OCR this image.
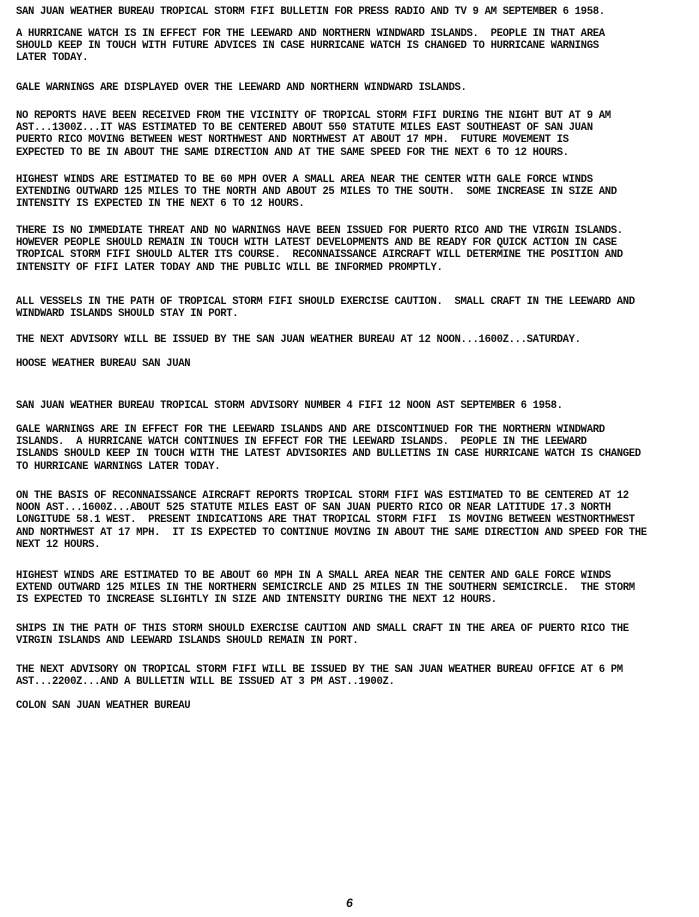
SAN JUAN WEATHER BUREAU TROPICAL STORM FIFI BULLETIN FOR PRESS RADIO AND TV 9 AM SEPTEMBER 6 1958.

A HURRICANE WATCH IS IN EFFECT FOR THE LEEWARD AND NORTHERN WINDWARD ISLANDS.  PEOPLE IN THAT AREA
SHOULD KEEP IN TOUCH WITH FUTURE ADVICES IN CASE HURRICANE WATCH IS CHANGED TO HURRICANE WARNINGS
LATER TODAY.

GALE WARNINGS ARE DISPLAYED OVER THE LEEWARD AND NORTHERN WINDWARD ISLANDS.

NO REPORTS HAVE BEEN RECEIVED FROM THE VICINITY OF TROPICAL STORM FIFI DURING THE NIGHT BUT AT 9 AM
AST...1300Z...IT WAS ESTIMATED TO BE CENTERED ABOUT 550 STATUTE MILES EAST SOUTHEAST OF SAN JUAN
PUERTO RICO MOVING BETWEEN WEST NORTHWEST AND NORTHWEST AT ABOUT 17 MPH.  FUTURE MOVEMENT IS
EXPECTED TO BE IN ABOUT THE SAME DIRECTION AND AT THE SAME SPEED FOR THE NEXT 6 TO 12 HOURS.

HIGHEST WINDS ARE ESTIMATED TO BE 60 MPH OVER A SMALL AREA NEAR THE CENTER WITH GALE FORCE WINDS
EXTENDING OUTWARD 125 MILES TO THE NORTH AND ABOUT 25 MILES TO THE SOUTH.  SOME INCREASE IN SIZE AND
INTENSITY IS EXPECTED IN THE NEXT 6 TO 12 HOURS.

THERE IS NO IMMEDIATE THREAT AND NO WARNINGS HAVE BEEN ISSUED FOR PUERTO RICO AND THE VIRGIN ISLANDS.
HOWEVER PEOPLE SHOULD REMAIN IN TOUCH WITH LATEST DEVELOPMENTS AND BE READY FOR QUICK ACTION IN CASE
TROPICAL STORM FIFI SHOULD ALTER ITS COURSE.  RECONNAISSANCE AIRCRAFT WILL DETERMINE THE POSITION AND
INTENSITY OF FIFI LATER TODAY AND THE PUBLIC WILL BE INFORMED PROMPTLY.

ALL VESSELS IN THE PATH OF TROPICAL STORM FIFI SHOULD EXERCISE CAUTION.  SMALL CRAFT IN THE LEEWARD AND
WINDWARD ISLANDS SHOULD STAY IN PORT.

THE NEXT ADVISORY WILL BE ISSUED BY THE SAN JUAN WEATHER BUREAU AT 12 NOON...1600Z...SATURDAY.

HOOSE WEATHER BUREAU SAN JUAN

SAN JUAN WEATHER BUREAU TROPICAL STORM ADVISORY NUMBER 4 FIFI 12 NOON AST SEPTEMBER 6 1958.

GALE WARNINGS ARE IN EFFECT FOR THE LEEWARD ISLANDS AND ARE DISCONTINUED FOR THE NORTHERN WINDWARD
ISLANDS.  A HURRICANE WATCH CONTINUES IN EFFECT FOR THE LEEWARD ISLANDS.  PEOPLE IN THE LEEWARD
ISLANDS SHOULD KEEP IN TOUCH WITH THE LATEST ADVISORIES AND BULLETINS IN CASE HURRICANE WATCH IS CHANGED
TO HURRICANE WARNINGS LATER TODAY.

ON THE BASIS OF RECONNAISSANCE AIRCRAFT REPORTS TROPICAL STORM FIFI WAS ESTIMATED TO BE CENTERED AT 12
NOON AST...1600Z...ABOUT 525 STATUTE MILES EAST OF SAN JUAN PUERTO RICO OR NEAR LATITUDE 17.3 NORTH
LONGITUDE 58.1 WEST.  PRESENT INDICATIONS ARE THAT TROPICAL STORM FIFI  IS MOVING BETWEEN WESTNORTHWEST
AND NORTHWEST AT 17 MPH.  IT IS EXPECTED TO CONTINUE MOVING IN ABOUT THE SAME DIRECTION AND SPEED FOR THE
NEXT 12 HOURS.

HIGHEST WINDS ARE ESTIMATED TO BE ABOUT 60 MPH IN A SMALL AREA NEAR THE CENTER AND GALE FORCE WINDS
EXTEND OUTWARD 125 MILES IN THE NORTHERN SEMICIRCLE AND 25 MILES IN THE SOUTHERN SEMICIRCLE.  THE STORM
IS EXPECTED TO INCREASE SLIGHTLY IN SIZE AND INTENSITY DURING THE NEXT 12 HOURS.

SHIPS IN THE PATH OF THIS STORM SHOULD EXERCISE CAUTION AND SMALL CRAFT IN THE AREA OF PUERTO RICO THE
VIRGIN ISLANDS AND LEEWARD ISLANDS SHOULD REMAIN IN PORT.

THE NEXT ADVISORY ON TROPICAL STORM FIFI WILL BE ISSUED BY THE SAN JUAN WEATHER BUREAU OFFICE AT 6 PM
AST...2200Z...AND A BULLETIN WILL BE ISSUED AT 3 PM AST..1900Z.

COLON SAN JUAN WEATHER BUREAU

6
